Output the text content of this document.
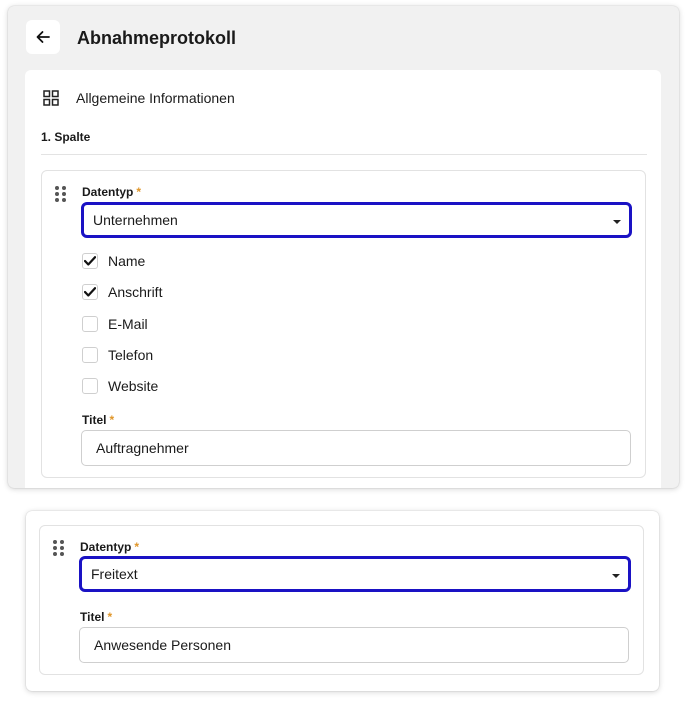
Abnahmeprotokoll
Allgemeine Informationen
1. Spalte
Datentyp *
Unternehmen
Name
Anschrift
E-Mail
Telefon
Website
Titel *
Auftragnehmer
Datentyp *
Freitext
Titel *
Anwesende Personen
